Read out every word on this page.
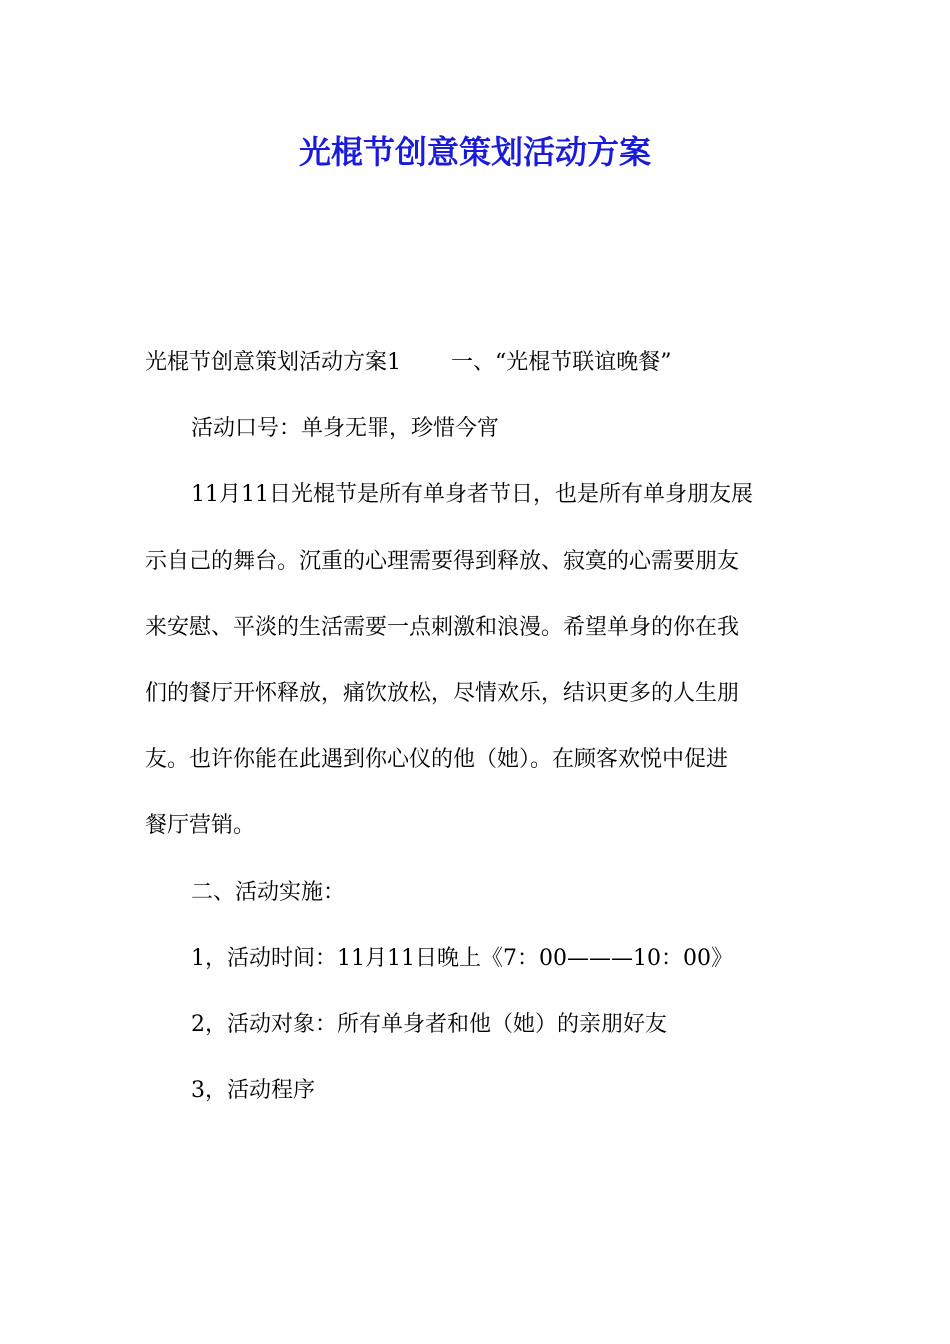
光棍节创意策划活动方案

光棍节创意策划活动方案1 一、“光棍节联谊晚餐”

活动口号：单身无罪，珍惜今宵

11月11日光棍节是所有单身者节日，也是所有单身朋友展

示自己的舞台。沉重的心理需要得到释放、寂寞的心需要朋友

来安慰、平淡的生活需要一点刺激和浪漫。希望单身的你在我

们的餐厅开怀释放，痛饮放松，尽情欢乐，结识更多的人生朋

友。也许你能在此遇到你心仪的他（她）。在顾客欢悦中促进

餐厅营销。

二、活动实施：

1，活动时间：11月11日晚上《7：00———10：00》

2，活动对象：所有单身者和他（她）的亲朋好友

3，活动程序
